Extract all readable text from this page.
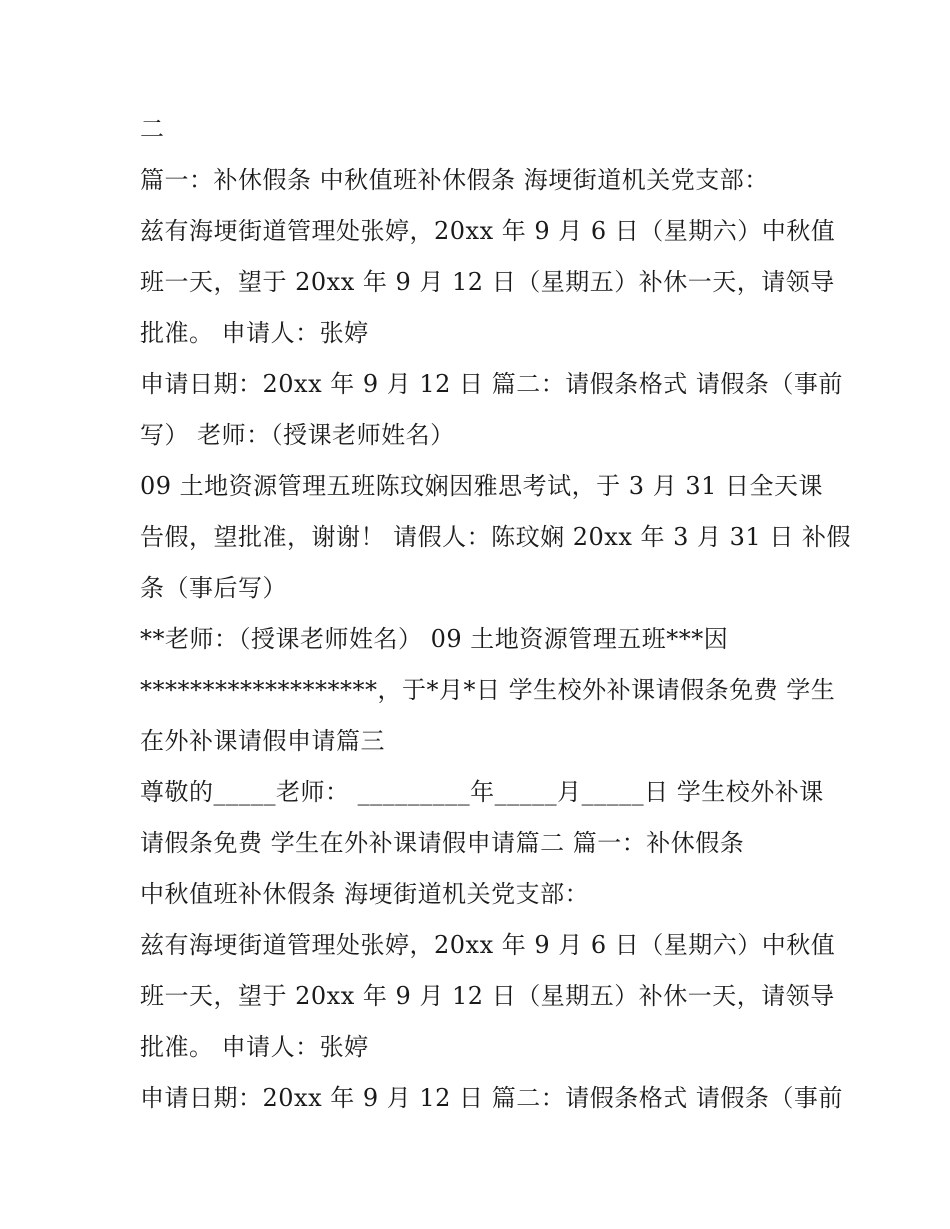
二
篇一：补休假条 中秋值班补休假条 海埂街道机关党支部：
兹有海埂街道管理处张婷，20xx 年 9 月 6 日（星期六）中秋值
班一天，望于 20xx 年 9 月 12 日（星期五）补休一天，请领导
批准。 申请人：张婷
申请日期：20xx 年 9 月 12 日 篇二：请假条格式 请假条（事前
写） 老师：（授课老师姓名）
09 土地资源管理五班陈玟娴因雅思考试，于 3 月 31 日全天课
告假，望批准，谢谢！ 请假人：陈玟娴 20xx 年 3 月 31 日 补假
条（事后写）
**老师：（授课老师姓名） 09 土地资源管理五班***因
*******************，于*月*日 学生校外补课请假条免费 学生
在外补课请假申请篇三
尊敬的_____老师： _________年_____月_____日 学生校外补课
请假条免费 学生在外补课请假申请篇二 篇一：补休假条
中秋值班补休假条 海埂街道机关党支部：
兹有海埂街道管理处张婷，20xx 年 9 月 6 日（星期六）中秋值
班一天，望于 20xx 年 9 月 12 日（星期五）补休一天，请领导
批准。 申请人：张婷
申请日期：20xx 年 9 月 12 日 篇二：请假条格式 请假条（事前
